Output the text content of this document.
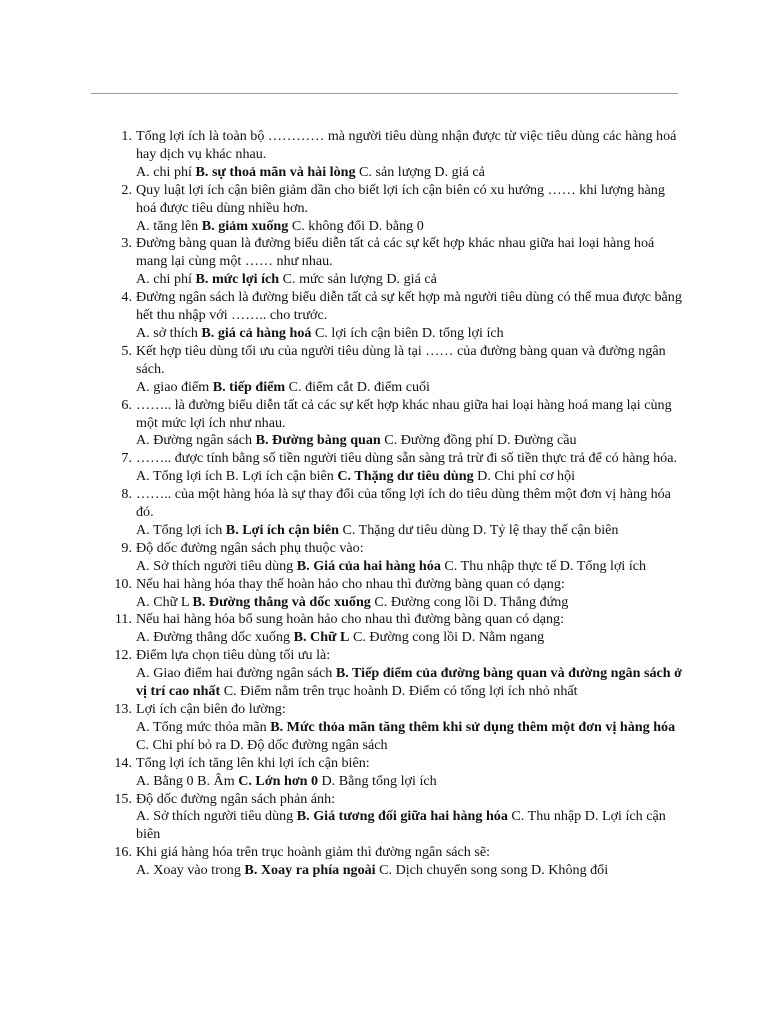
1. Tổng lợi ích là toàn bộ ………… mà người tiêu dùng nhận được từ việc tiêu dùng các hàng hoá hay dịch vụ khác nhau.
A. chi phí B. sự thoả mãn và hài lòng C. sản lượng D. giá cả
2. Quy luật lợi ích cận biên giảm dần cho biết lợi ích cận biên có xu hướng …… khi lượng hàng hoá được tiêu dùng nhiều hơn.
A. tăng lên B. giảm xuống C. không đổi D. bằng 0
3. Đường bàng quan là đường biểu diễn tất cả các sự kết hợp khác nhau giữa hai loại hàng hoá mang lại cùng một …… như nhau.
A. chi phí B. mức lợi ích C. mức sản lượng D. giá cả
4. Đường ngân sách là đường biểu diễn tất cả sự kết hợp mà người tiêu dùng có thể mua được bằng hết thu nhập với …….. cho trước.
A. sở thích B. giá cả hàng hoá C. lợi ích cận biên D. tổng lợi ích
5. Kết hợp tiêu dùng tối ưu của người tiêu dùng là tại …… của đường bàng quan và đường ngân sách.
A. giao điểm B. tiếp điểm C. điểm cắt D. điểm cuối
6. …….. là đường biểu diễn tất cả các sự kết hợp khác nhau giữa hai loại hàng hoá mang lại cùng một mức lợi ích như nhau.
A. Đường ngân sách B. Đường bàng quan C. Đường đồng phí D. Đường cầu
7. …….. được tính bằng số tiền người tiêu dùng sẵn sàng trả trừ đi số tiền thực trả để có hàng hóa.
A. Tổng lợi ích B. Lợi ích cận biên C. Thặng dư tiêu dùng D. Chi phí cơ hội
8. …….. của một hàng hóa là sự thay đổi của tổng lợi ích do tiêu dùng thêm một đơn vị hàng hóa đó.
A. Tổng lợi ích B. Lợi ích cận biên C. Thặng dư tiêu dùng D. Tỷ lệ thay thế cận biên
9. Độ dốc đường ngân sách phụ thuộc vào:
A. Sở thích người tiêu dùng B. Giá của hai hàng hóa C. Thu nhập thực tế D. Tổng lợi ích
10. Nếu hai hàng hóa thay thế hoàn hảo cho nhau thì đường bàng quan có dạng:
A. Chữ L B. Đường thẳng và dốc xuống C. Đường cong lồi D. Thẳng đứng
11. Nếu hai hàng hóa bổ sung hoàn hảo cho nhau thì đường bàng quan có dạng:
A. Đường thẳng dốc xuống B. Chữ L C. Đường cong lồi D. Nằm ngang
12. Điểm lựa chọn tiêu dùng tối ưu là:
A. Giao điểm hai đường ngân sách B. Tiếp điểm của đường bàng quan và đường ngân sách ở vị trí cao nhất C. Điểm nằm trên trục hoành D. Điểm có tổng lợi ích nhỏ nhất
13. Lợi ích cận biên đo lường:
A. Tổng mức thỏa mãn B. Mức thỏa mãn tăng thêm khi sử dụng thêm một đơn vị hàng hóa C. Chi phí bỏ ra D. Độ dốc đường ngân sách
14. Tổng lợi ích tăng lên khi lợi ích cận biên:
A. Bằng 0 B. Âm C. Lớn hơn 0 D. Bằng tổng lợi ích
15. Độ dốc đường ngân sách phản ánh:
A. Sở thích người tiêu dùng B. Giá tương đối giữa hai hàng hóa C. Thu nhập D. Lợi ích cận biên
16. Khi giá hàng hóa trên trục hoành giảm thì đường ngân sách sẽ:
A. Xoay vào trong B. Xoay ra phía ngoài C. Dịch chuyển song song D. Không đổi
